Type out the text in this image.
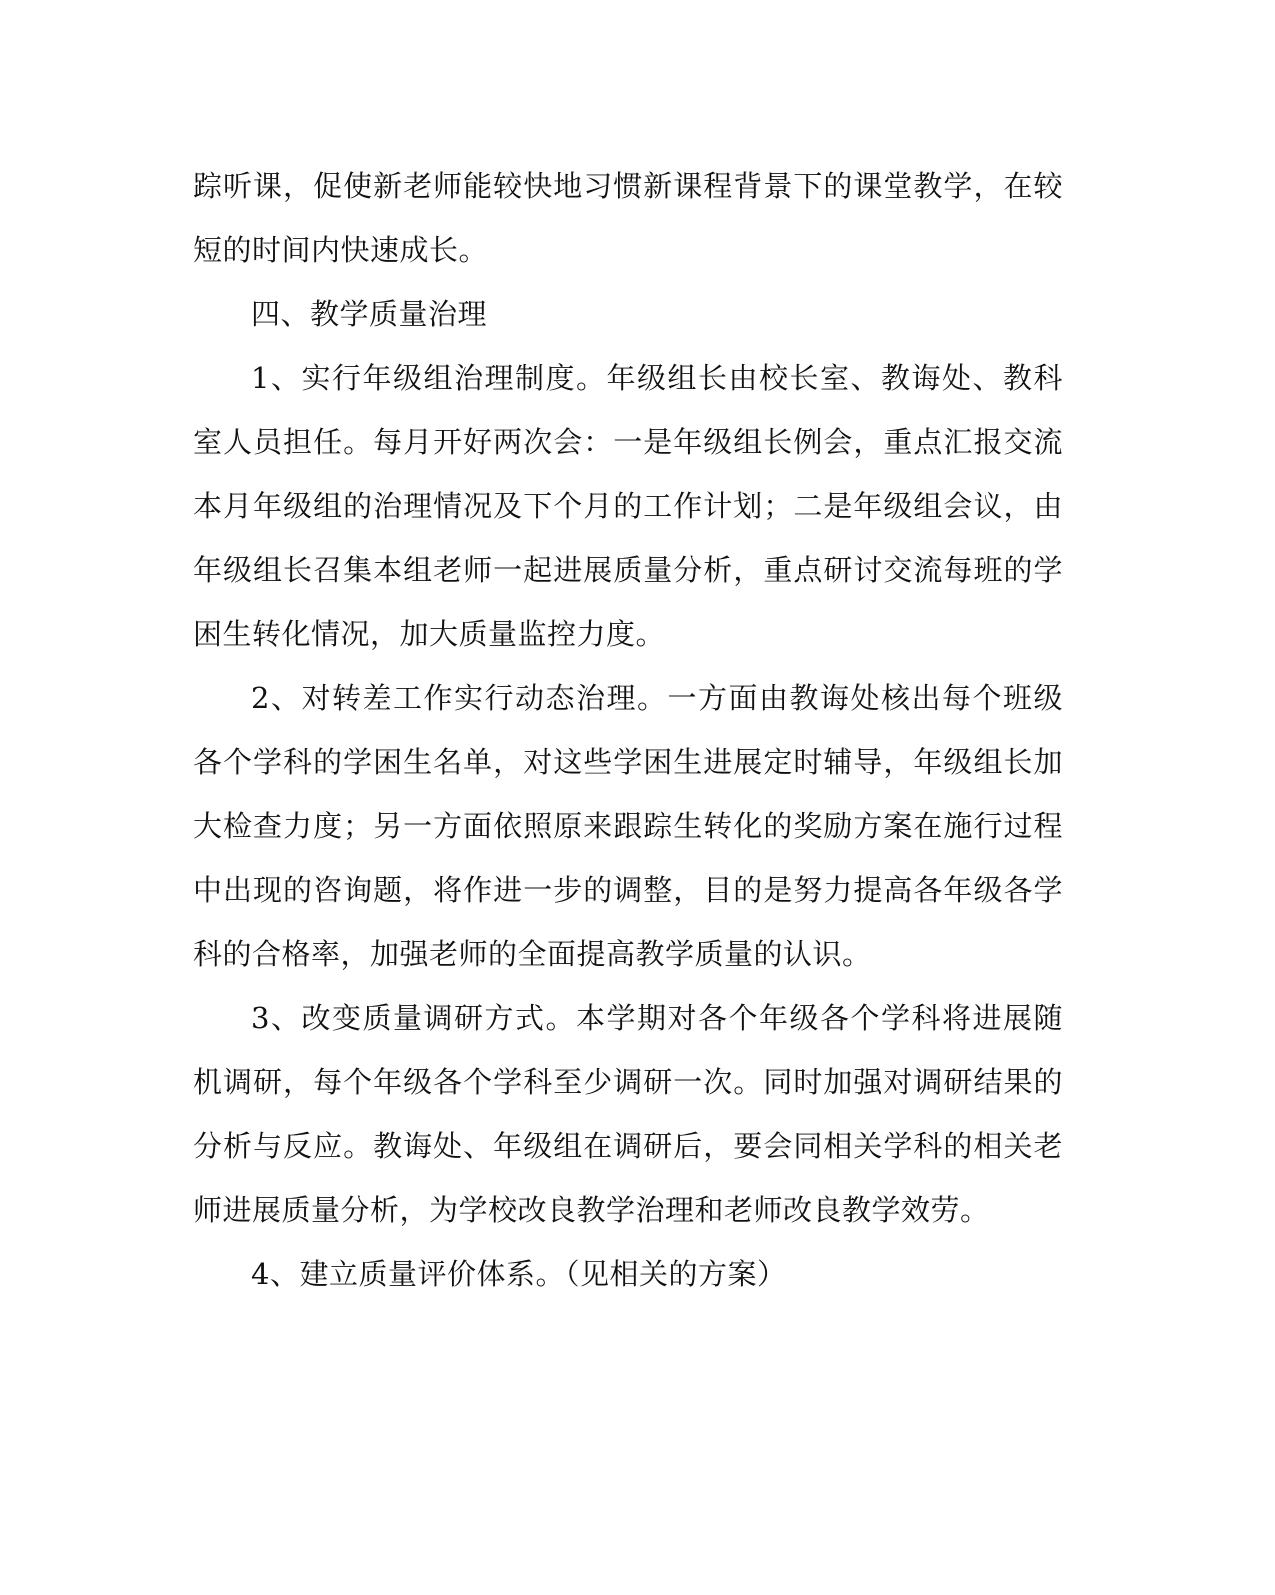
踪听课，促使新老师能较快地习惯新课程背景下的课堂教学，在较短的时间内快速成长。

四、教学质量治理

1、实行年级组治理制度。年级组长由校长室、教诲处、教科室人员担任。每月开好两次会：一是年级组长例会，重点汇报交流本月年级组的治理情况及下个月的工作计划；二是年级组会议，由年级组长召集本组老师一起进展质量分析，重点研讨交流每班的学困生转化情况，加大质量监控力度。

2、对转差工作实行动态治理。一方面由教诲处核出每个班级各个学科的学困生名单，对这些学困生进展定时辅导，年级组长加大检查力度；另一方面依照原来跟踪生转化的奖励方案在施行过程中出现的咨询题，将作进一步的调整，目的是努力提高各年级各学科的合格率，加强老师的全面提高教学质量的认识。

3、改变质量调研方式。本学期对各个年级各个学科将进展随机调研，每个年级各个学科至少调研一次。同时加强对调研结果的分析与反应。教诲处、年级组在调研后，要会同相关学科的相关老师进展质量分析，为学校改良教学治理和老师改良教学效劳。

4、建立质量评价体系。（见相关的方案）
